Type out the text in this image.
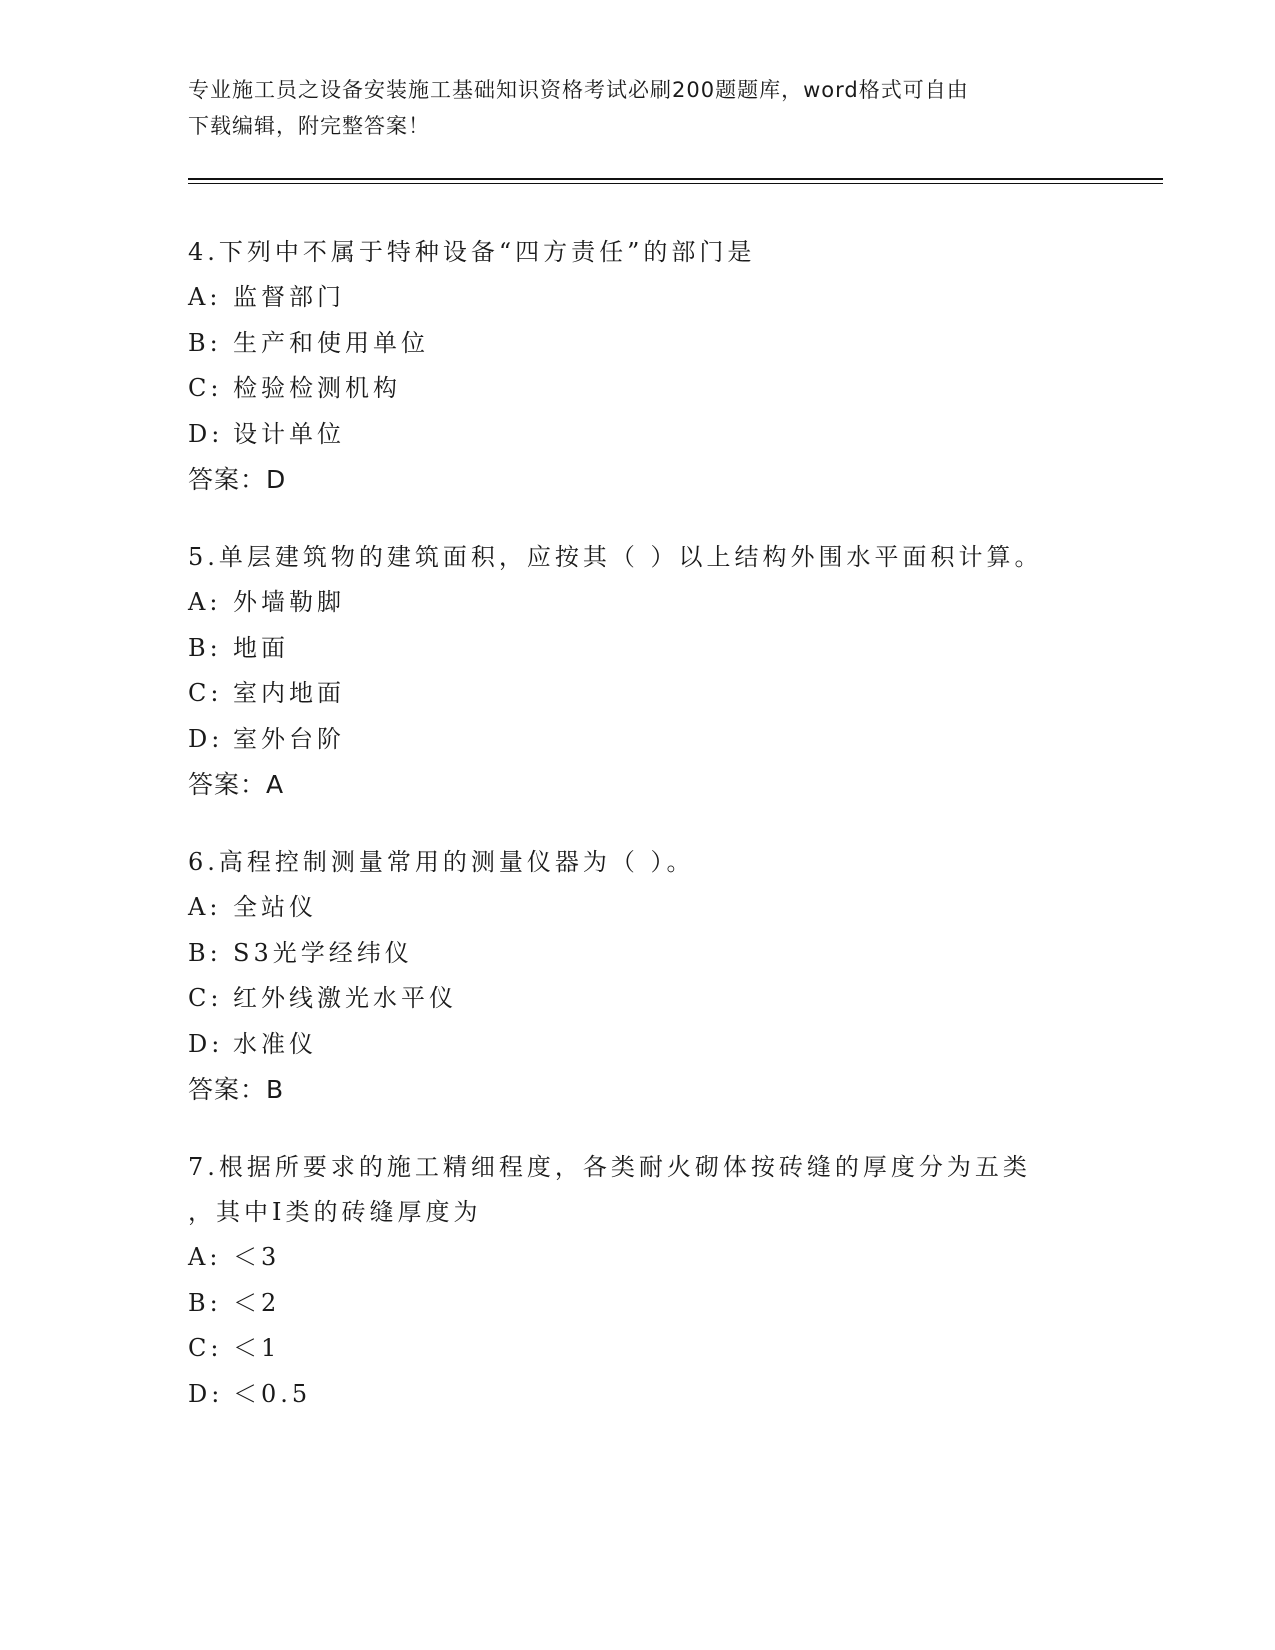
专业施工员之设备安装施工基础知识资格考试必刷200题题库，word格式可自由
下载编辑，附完整答案！

4.下列中不属于特种设备“四方责任”的部门是

A: 监督部门

B: 生产和使用单位

C: 检验检测机构

D: 设计单位

答案：D

5.单层建筑物的建筑面积，应按其（ ）以上结构外围水平面积计算。

A: 外墙勒脚

B: 地面

C: 室内地面

D: 室外台阶

答案：A

6.高程控制测量常用的测量仪器为（ ）。

A: 全站仪

B: S3光学经纬仪

C: 红外线激光水平仪

D: 水准仪

答案：B

7.根据所要求的施工精细程度，各类耐火砌体按砖缝的厚度分为五类

，其中I类的砖缝厚度为

A: ＜3

B: ＜2

C: ＜1

D: ＜0.5
